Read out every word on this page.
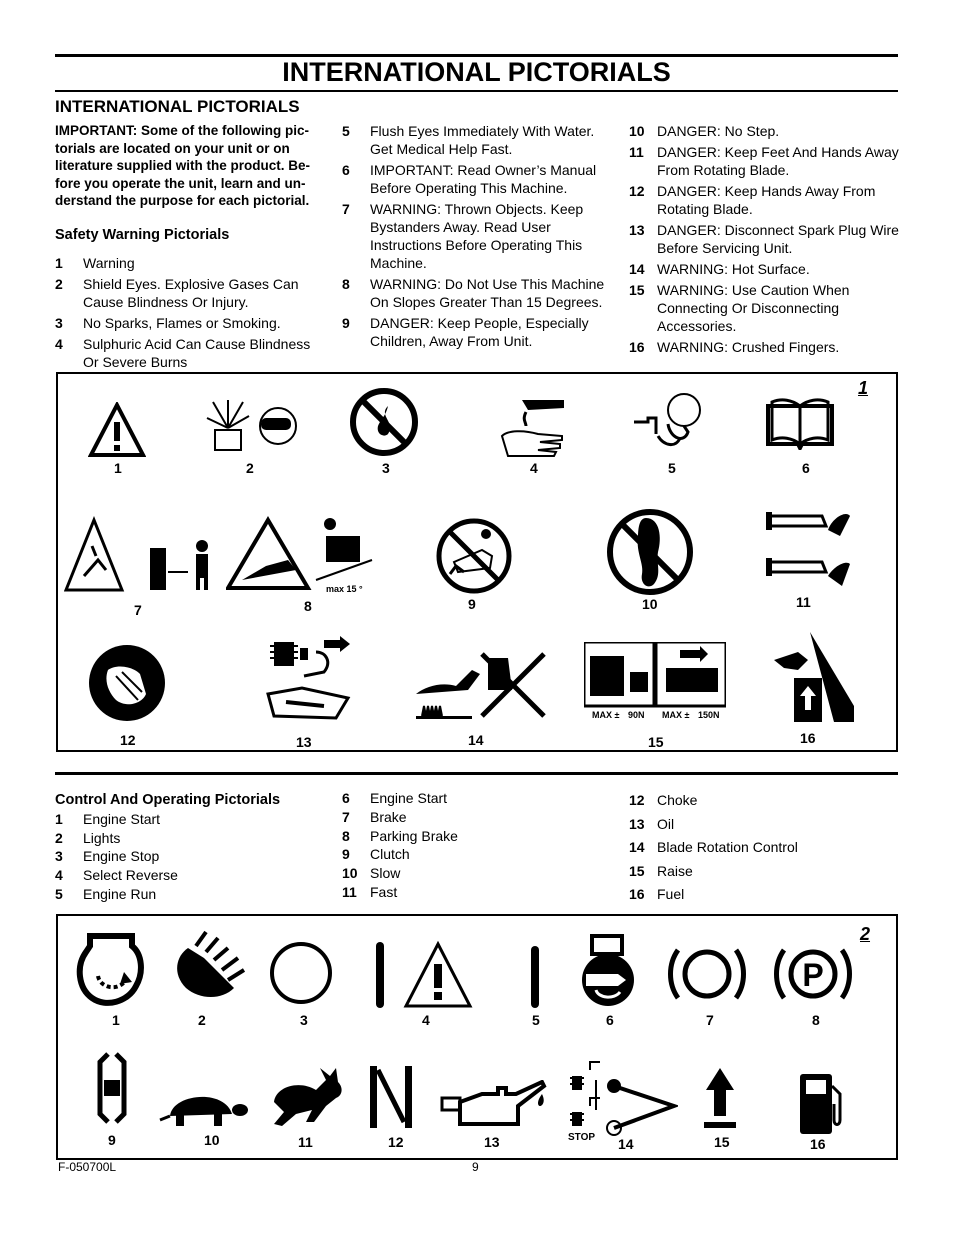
INTERNATIONAL PICTORIALS
INTERNATIONAL PICTORIALS
IMPORTANT: Some of the following pic- torials are located on your unit or on literature supplied with the product. Be- fore you operate the unit, learn and un- derstand the purpose for each pictorial.
Safety Warning Pictorials
1 Warning
2 Shield Eyes. Explosive Gases Can Cause Blindness Or Injury.
3 No Sparks, Flames or Smoking.
4 Sulphuric Acid Can Cause Blindness Or Severe Burns
5 Flush Eyes Immediately With Water. Get Medical Help Fast.
6 IMPORTANT: Read Owner’s Manual Before Operating This Machine.
7 WARNING: Thrown Objects. Keep Bystanders Away. Read User Instructions Before Operating This Machine.
8 WARNING: Do Not Use This Machine On Slopes Greater Than 15 Degrees.
9 DANGER: Keep People, Especially Children, Away From Unit.
10 DANGER: No Step.
11 DANGER: Keep Feet And Hands Away From Rotating Blade.
12 DANGER: Keep Hands Away From Rotating Blade.
13 DANGER: Disconnect Spark Plug Wire Before Servicing Unit.
14 WARNING: Hot Surface.
15 WARNING: Use Caution When Connecting Or Disconnecting Accessories.
16 WARNING: Crushed Fingers.
1
1	2	3	4	5	6
max 15 °
7	8	9	10	11
MAX ± 90N MAX ± 150N
12	13	14	15	16
Control And Operating Pictorials
1 Engine Start
2 Lights
3 Engine Stop
4 Select Reverse
5 Engine Run
6 Engine Start
7 Brake
8 Parking Brake
9 Clutch
10 Slow
11 Fast
12 Choke
13 Oil
14 Blade Rotation Control
15 Raise
16 Fuel
2
P
1	2	3	4	5	6	7	8
STOP
9	10	11	12	13	14	15	16
F-050700L	9
